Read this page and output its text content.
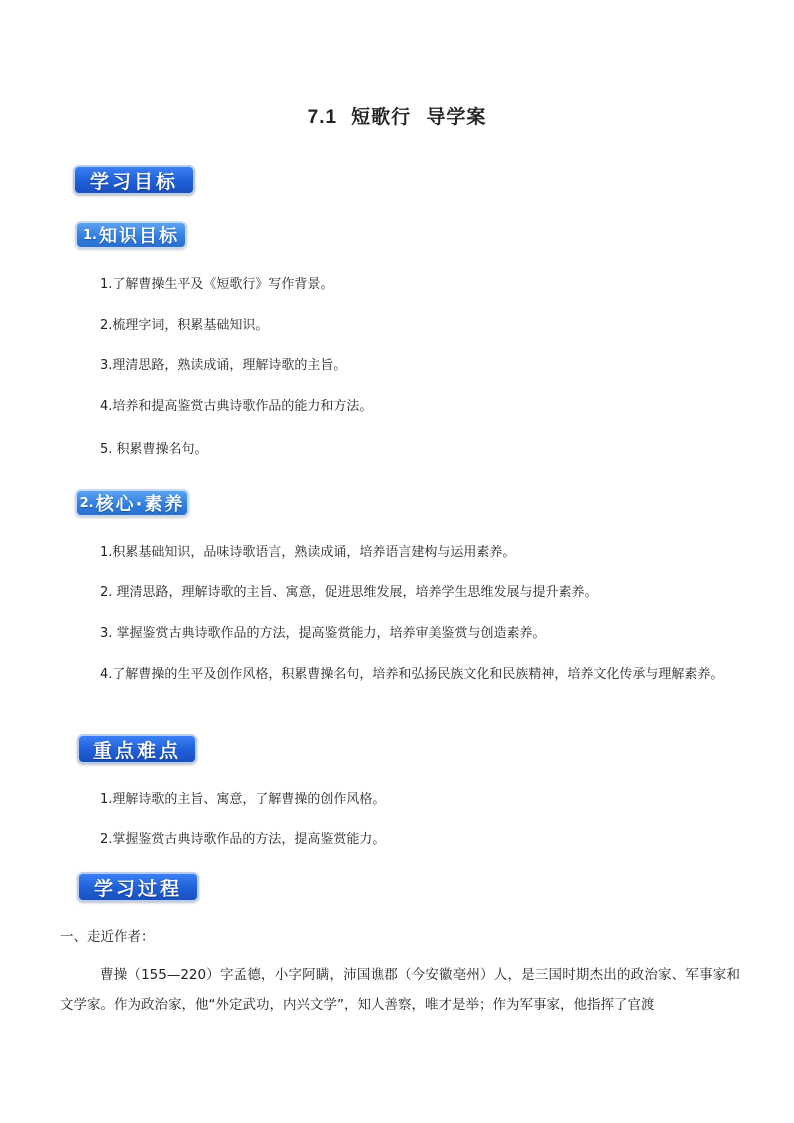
7.1 短歌行  导学案
学习目标
1. 知识目标
1.了解曹操生平及《短歌行》写作背景。
2.梳理字词，积累基础知识。
3.理清思路，熟读成诵，理解诗歌的主旨。
4.培养和提高鉴赏古典诗歌作品的能力和方法。
5. 积累曹操名句。
2. 核心·素养
1.积累基础知识，品味诗歌语言，熟读成诵，培养语言建构与运用素养。
2. 理清思路，理解诗歌的主旨、寓意，促进思维发展，培养学生思维发展与提升素养。
3. 掌握鉴赏古典诗歌作品的方法，提高鉴赏能力，培养审美鉴赏与创造素养。
4.了解曹操的生平及创作风格，积累曹操名句，培养和弘扬民族文化和民族精神，培养文化传承与理解素养。
重点难点
1.理解诗歌的主旨、寓意，了解曹操的创作风格。
2.掌握鉴赏古典诗歌作品的方法，提高鉴赏能力。
学习过程
一、走近作者：
曹操（155—220）字孟德，小字阿瞒，沛国谯郡（今安徽亳州）人，是三国时期杰出的政治家、军事家和文学家。作为政治家，他“外定武功，内兴文学”，知人善察，唯才是举；作为军事家，他指挥了官渡
